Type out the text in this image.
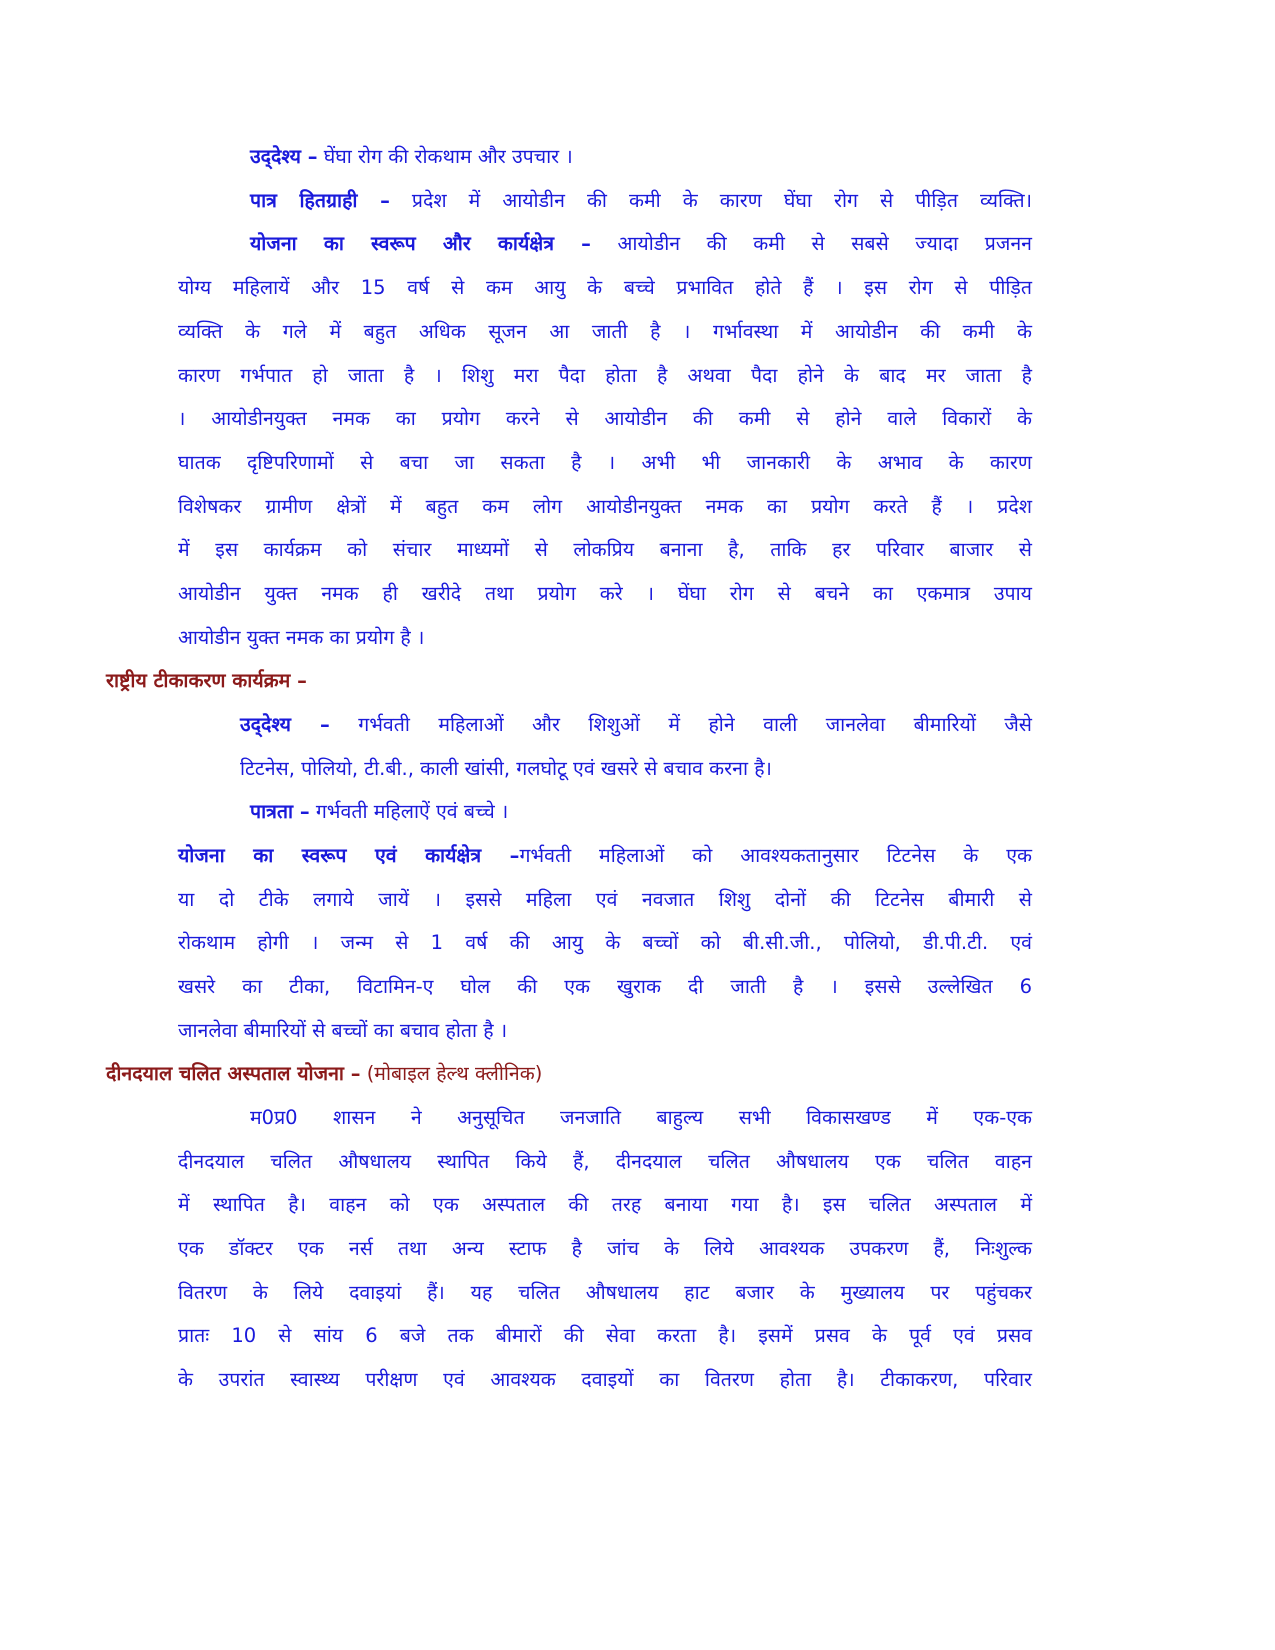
उद्‌देश्य – घेंघा रोग की रोकथाम और उपचार ।
पात्र हितग्राही – प्रदेश में आयोडीन की कमी के कारण घेंघा रोग से पीड़ित व्यक्ति।
योजना का स्वरूप और कार्यक्षेत्र – आयोडीन की कमी से सबसे ज्यादा प्रजनन
योग्य महिलायें और 15 वर्ष से कम आयु के बच्चे प्रभावित होते हैं । इस रोग से पीड़ित
व्यक्ति के गले में बहुत अधिक सूजन आ जाती है । गर्भावस्था में आयोडीन की कमी के
कारण गर्भपात हो जाता है । शिशु मरा पैदा होता है अथवा पैदा होने के बाद मर जाता है
। आयोडीनयुक्त नमक का प्रयोग करने से आयोडीन की कमी से होने वाले विकारों के
घातक दृष्टिपरिणामों से बचा जा सकता है । अभी भी जानकारी के अभाव के कारण
विशेषकर ग्रामीण क्षेत्रों में बहुत कम लोग आयोडीनयुक्त नमक का प्रयोग करते हैं । प्रदेश
में इस कार्यक्रम को संचार माध्यमों से लोकप्रिय बनाना है, ताकि हर परिवार बाजार से
आयोडीन युक्त नमक ही खरीदे तथा प्रयोग करे । घेंघा रोग से बचने का एकमात्र उपाय
आयोडीन युक्त नमक का प्रयोग है ।
राष्ट्रीय टीकाकरण कार्यक्रम –
उद्‌देश्य – गर्भवती महिलाओं और शिशुओं में होने वाली जानलेवा बीमारियों जैसे
टिटनेस, पोलियो, टी.बी., काली खांसी, गलघोटू एवं खसरे से बचाव करना है।
पात्रता – गर्भवती महिलाऐं एवं बच्चे ।
योजना का स्वरूप एवं कार्यक्षेत्र –गर्भवती महिलाओं को आवश्यकतानुसार टिटनेस के एक
या दो टीके लगाये जायें । इससे महिला एवं नवजात शिशु दोनों की टिटनेस बीमारी से
रोकथाम होगी । जन्म से 1 वर्ष की आयु के बच्चों को बी.सी.जी., पोलियो, डी.पी.टी. एवं
खसरे का टीका, विटामिन-ए घोल की एक खुराक दी जाती है । इससे उल्लेखित 6
जानलेवा बीमारियों से बच्चों का बचाव होता है ।
दीनदयाल चलित अस्पताल योजना – (मोबाइल हेल्थ क्लीनिक)
म0प्र0 शासन ने अनुसूचित जनजाति बाहुल्य सभी विकासखण्ड में एक-एक
दीनदयाल चलित औषधालय स्थापित किये हैं, दीनदयाल चलित औषधालय एक चलित वाहन
में स्थापित है। वाहन को एक अस्पताल की तरह बनाया गया है। इस चलित अस्पताल में
एक डॉक्टर एक नर्स तथा अन्य स्टाफ है जांच के लिये आवश्यक उपकरण हैं, निःशुल्क
वितरण के लिये दवाइयां हैं। यह चलित औषधालय हाट बजार के मुख्यालय पर पहुंचकर
प्रातः 10 से सांय 6 बजे तक बीमारों की सेवा करता है। इसमें प्रसव के पूर्व एवं प्रसव
के उपरांत स्वास्थ्य परीक्षण एवं आवश्यक दवाइयों का वितरण होता है। टीकाकरण, परिवार
